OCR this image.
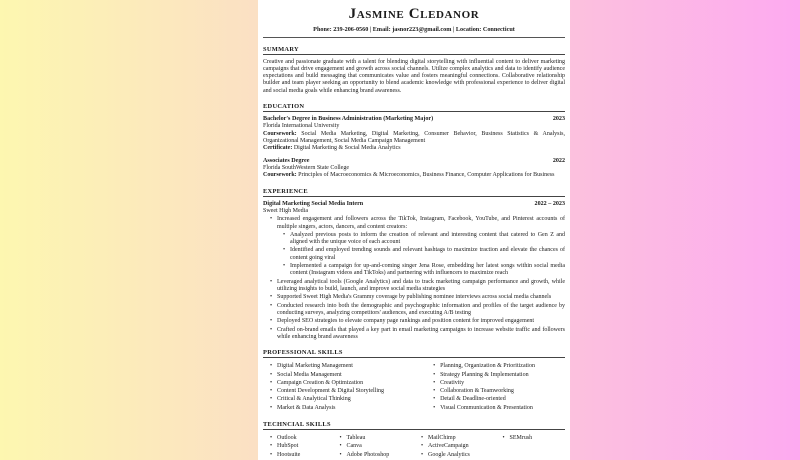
Jasmine Cledanor
Phone: 239-206-0560 | Email: jasnor223@gmail.com | Location: Connecticut
SUMMARY

Creative and passionate graduate with a talent for blending digital storytelling with influential content to deliver marketing campaigns that drive engagement and growth across social channels. Utilize complex analytics and data to identify audience expectations and build messaging that communicates value and fosters meaningful connections. Collaborative relationship builder and team player seeking an opportunity to blend academic knowledge with professional experience to deliver digital and social media goals while enhancing brand awareness.

EDUCATION
Bachelor's Degree in Business Administration (Marketing Major)	2023
Florida International University
Coursework: Social Media Marketing, Digital Marketing, Consumer Behavior, Business Statistics & Analysis, Organizational Management, Social Media Campaign Management
Certificate: Digital Marketing & Social Media Analytics
Associates Degree	2022
Florida SouthWestern State College
Coursework: Principles of Macroeconomics & Microeconomics, Business Finance, Computer Applications for Business
EXPERIENCE
Digital Marketing Social Media Intern	2022 – 2023
Sweet High Media
• Increased engagement and followers across the TikTok, Instagram, Facebook, YouTube, and Pinterest accounts of multiple singers, actors, dancers, and content creators:
• Analyzed previous posts to inform the creation of relevant and interesting content that catered to Gen Z and aligned with the unique voice of each account
• Identified and employed trending sounds and relevant hashtags to maximize traction and elevate the chances of content going viral
• Implemented a campaign for up-and-coming singer Jena Rose, embedding her latest songs within social media content (Instagram videos and TikToks) and partnering with influencers to maximize reach
• Leveraged analytical tools (Google Analytics) and data to track marketing campaign performance and growth, while utilizing insights to build, launch, and improve social media strategies
• Supported Sweet High Media's Grammy coverage by publishing nominee interviews across social media channels
• Conducted research into both the demographic and psychographic information and profiles of the target audience by conducting surveys, analyzing competitors' audiences, and executing A/B testing
• Deployed SEO strategies to elevate company page rankings and position content for improved engagement
• Crafted on-brand emails that played a key part in email marketing campaigns to increase website traffic and followers while enhancing brand awareness
PROFESSIONAL SKILLS
• Digital Marketing Management
• Social Media Management
• Campaign Creation & Optimization
• Content Development & Digital Storytelling
• Critical & Analytical Thinking
• Market & Data Analysis
• Planning, Organization & Prioritization
• Strategy Planning & Implementation
• Creativity
• Collaboration & Teamworking
• Detail & Deadline-oriented
• Visual Communication & Presentation
TECHNCIAL SKILLS
• Outlook
• HubSpot
• Hootsuite
• Tableau
• Canva
• Adobe Photoshop
• MailChimp
• ActiveCampaign
• Google Analytics
• SEMrush
